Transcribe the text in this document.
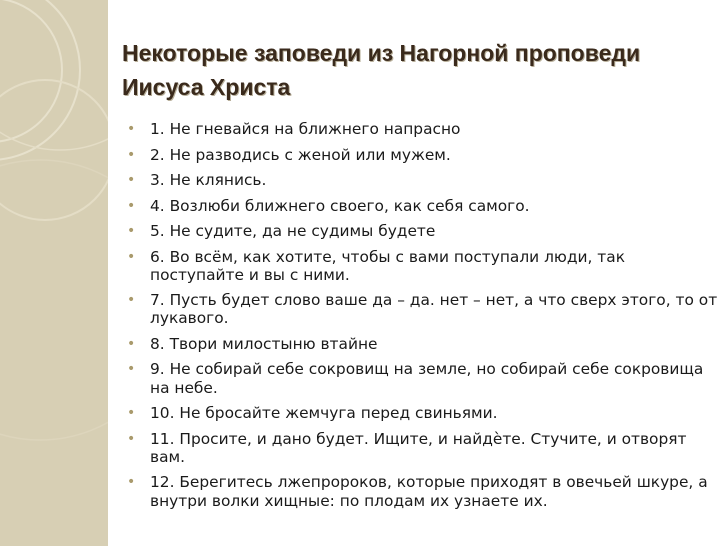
Некоторые заповеди из Нагорной проповеди
Иисуса Христа
• 1. Не гневайся на ближнего напрасно
• 2. Не разводись с женой или мужем.
• 3. Не клянись.
• 4. Возлюби ближнего своего, как себя самого.
• 5. Не судите, да не судимы будете
• 6. Во всём, как хотите, чтобы с вами поступали люди, так поступайте и вы с ними.
• 7. Пусть будет слово ваше да – да. нет – нет, а что сверх этого, то от лукавого.
• 8. Твори милостыню втайне
• 9. Не собирай себе сокровищ на земле, но собирай себе сокровища на небе.
• 10. Не бросайте жемчуга перед свиньями.
• 11. Просите, и дано будет. Ищите, и найдѐте. Стучите, и отворят вам.
• 12. Берегитесь лжепророков, которые приходят в овечьей шкуре, а внутри волки хищные: по плодам их узнаете их.
